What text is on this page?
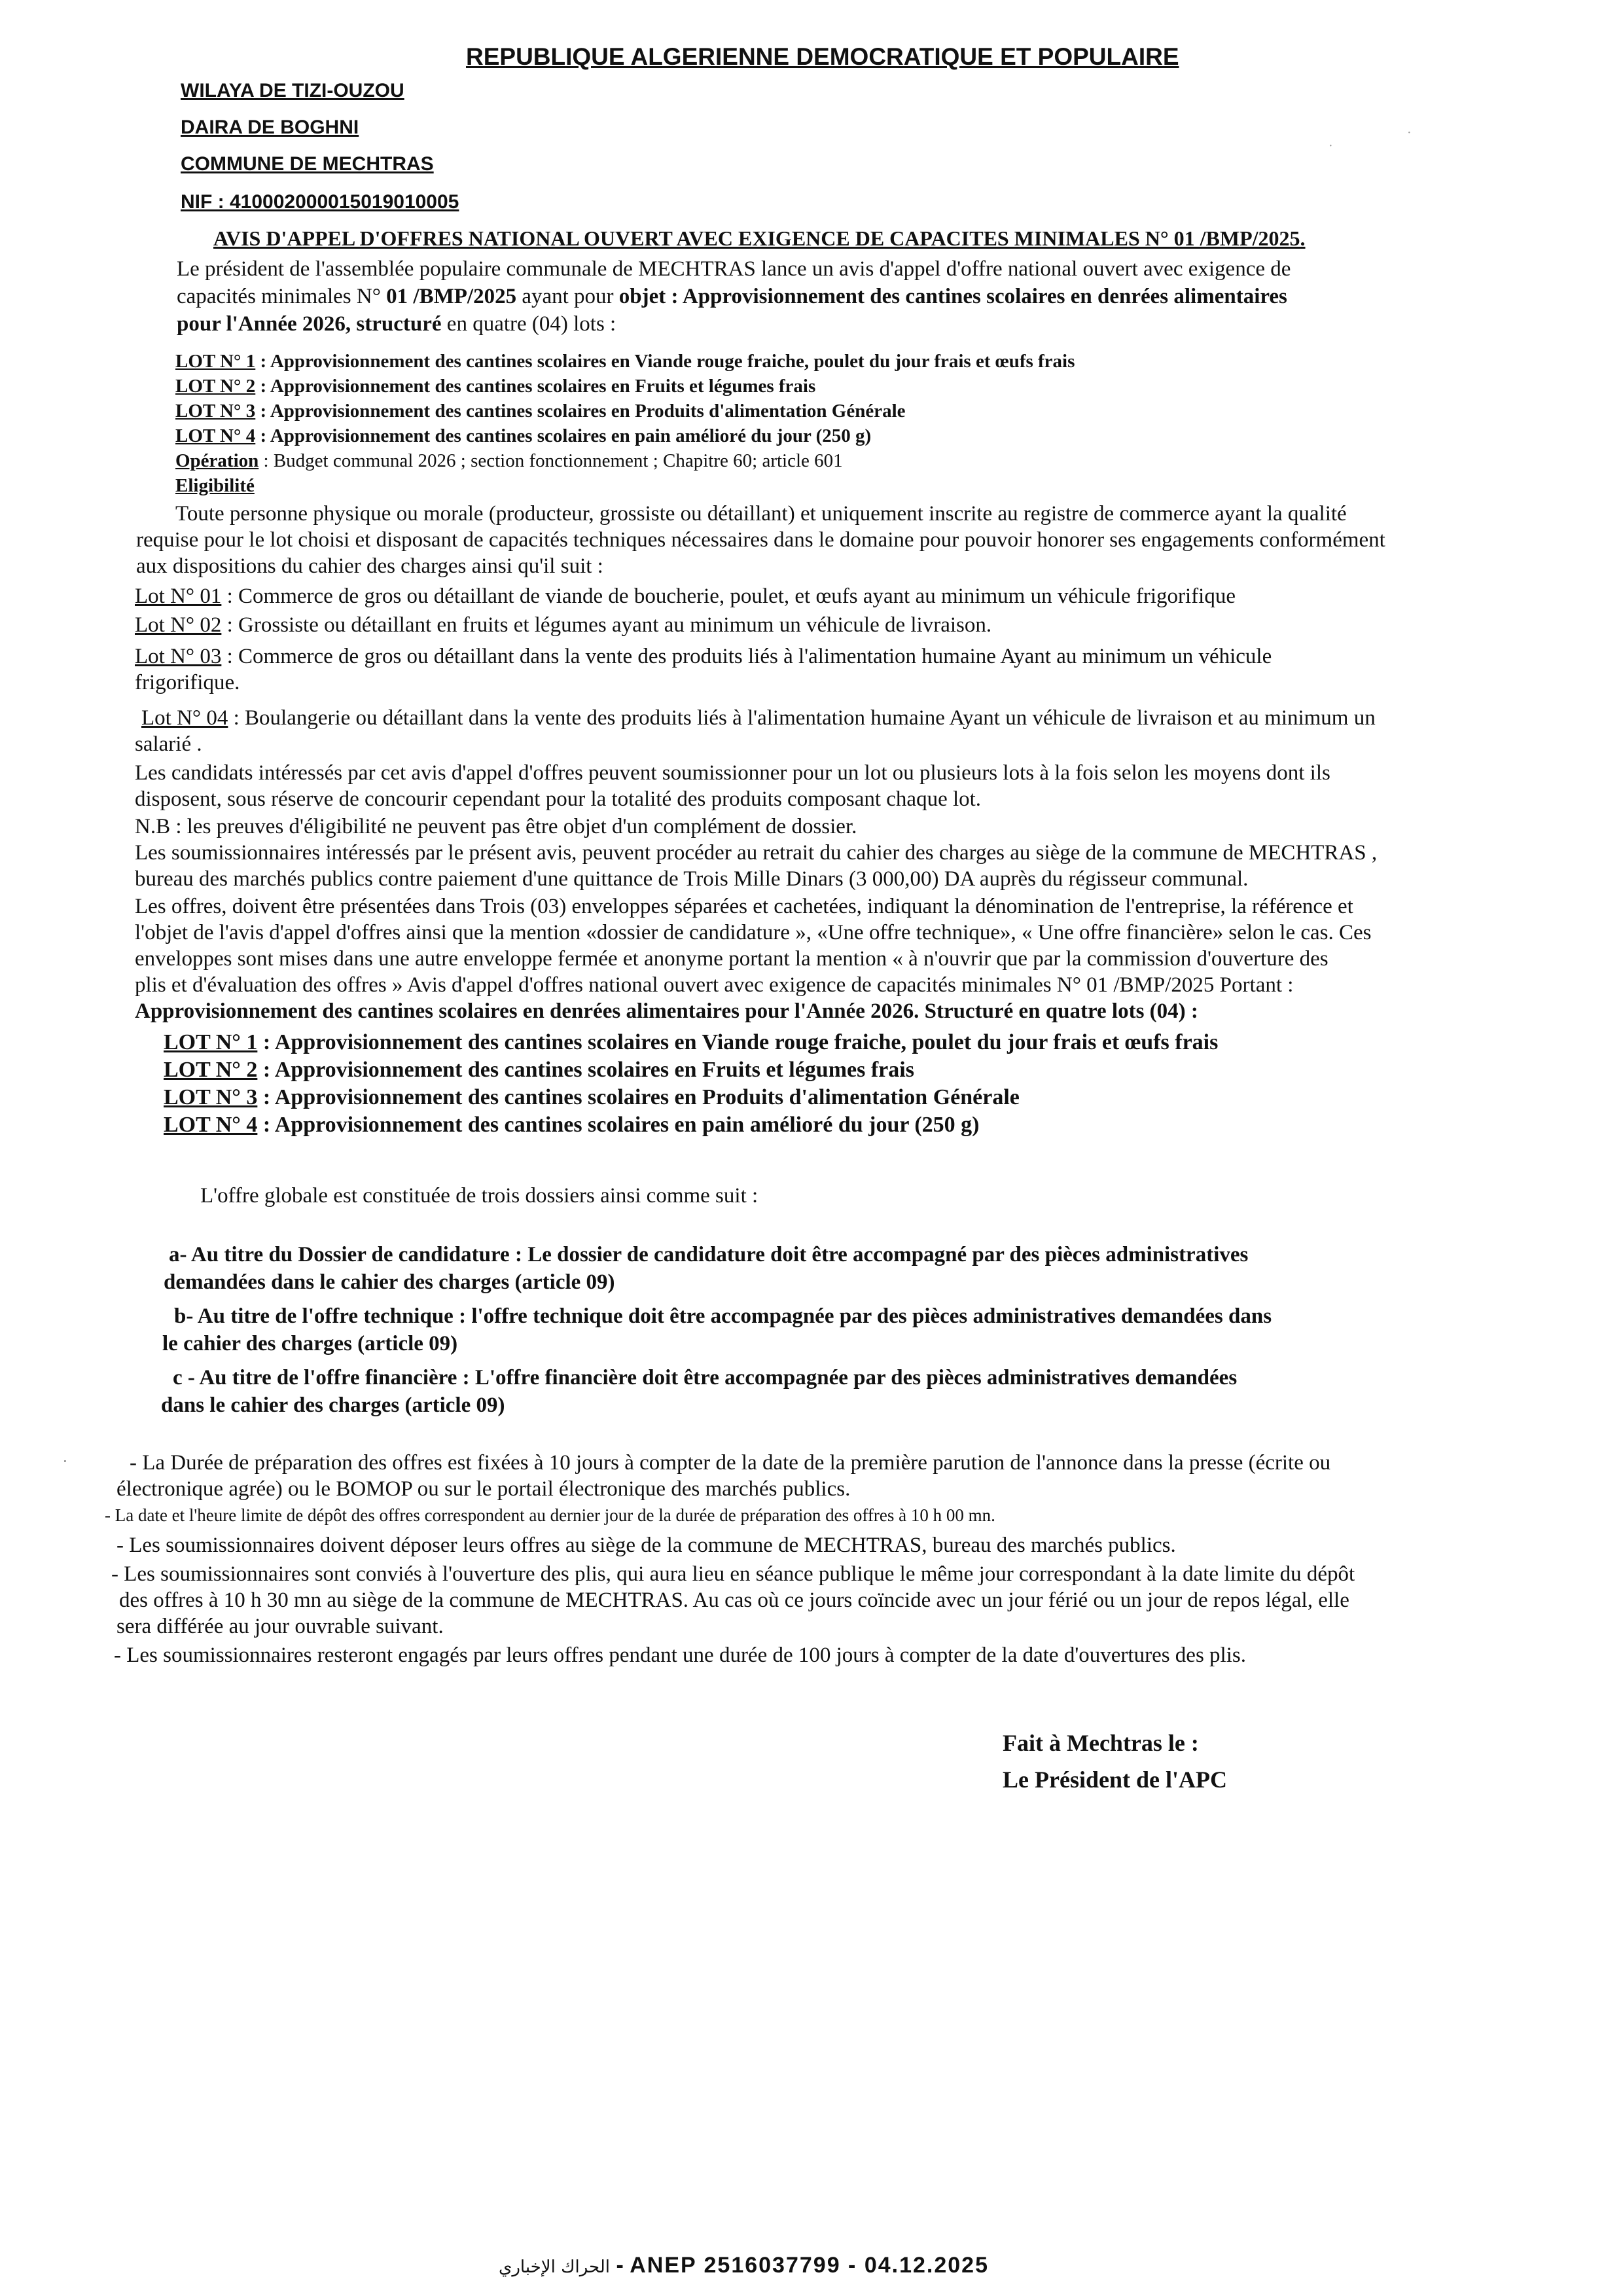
REPUBLIQUE ALGERIENNE DEMOCRATIQUE ET POPULAIRE
WILAYA DE TIZI-OUZOU
DAIRA DE BOGHNI
COMMUNE DE MECHTRAS
NIF : 410002000015019010005
·
·
AVIS D'APPEL D'OFFRES NATIONAL OUVERT AVEC EXIGENCE DE CAPACITES MINIMALES N° 01 /BMP/2025.
Le président de l'assemblée populaire communale de MECHTRAS lance un avis d'appel d'offre national ouvert avec exigence de
capacités minimales N° 01 /BMP/2025 ayant pour objet : Approvisionnement des cantines scolaires en denrées alimentaires
pour l'Année 2026, structuré en quatre (04) lots :
LOT N° 1 : Approvisionnement des cantines scolaires en Viande rouge fraiche, poulet du jour frais et œufs frais
LOT N° 2 : Approvisionnement des cantines scolaires en Fruits et légumes frais
LOT N° 3 : Approvisionnement des cantines scolaires en Produits d'alimentation Générale
LOT N° 4 : Approvisionnement des cantines scolaires en pain amélioré du jour (250 g)
Opération : Budget communal 2026 ; section fonctionnement ; Chapitre 60; article 601
Eligibilité
Toute personne physique ou morale (producteur, grossiste ou détaillant) et uniquement inscrite au registre de commerce ayant la qualité
requise pour le lot choisi et disposant de capacités techniques nécessaires dans le domaine pour pouvoir honorer ses engagements conformément
aux dispositions du cahier des charges ainsi qu'il suit :
Lot N° 01 : Commerce de gros ou détaillant de viande de boucherie, poulet, et œufs ayant au minimum un véhicule frigorifique
Lot N° 02 : Grossiste ou détaillant en fruits et légumes ayant au minimum un véhicule de livraison.
Lot N° 03 : Commerce de gros ou détaillant dans la vente des produits liés à l'alimentation humaine Ayant au minimum un véhicule
frigorifique.
Lot N° 04 : Boulangerie ou détaillant dans la vente des produits liés à l'alimentation humaine Ayant un véhicule de livraison et au minimum un
salarié .
Les candidats intéressés par cet avis d'appel d'offres peuvent soumissionner pour un lot ou plusieurs lots à la fois selon les moyens dont ils
disposent, sous réserve de concourir cependant pour la totalité des produits composant chaque lot.
N.B : les preuves d'éligibilité ne peuvent pas être objet d'un complément de dossier.
Les soumissionnaires intéressés par le présent avis, peuvent procéder au retrait du cahier des charges au siège de la commune de MECHTRAS ,
bureau des marchés publics contre paiement d'une quittance de Trois Mille Dinars (3 000,00) DA auprès du régisseur communal.
Les offres, doivent être présentées dans Trois (03) enveloppes séparées et cachetées, indiquant la dénomination de l'entreprise, la référence et
l'objet de l'avis d'appel d'offres ainsi que la mention «dossier de candidature », «Une offre technique», « Une offre financière» selon le cas. Ces
enveloppes sont mises dans une autre enveloppe fermée et anonyme portant la mention « à n'ouvrir que par la commission d'ouverture des
plis et d'évaluation des offres » Avis d'appel d'offres national ouvert avec exigence de capacités minimales N° 01 /BMP/2025 Portant :
Approvisionnement des cantines scolaires en denrées alimentaires pour l'Année 2026. Structuré en quatre lots (04) :
LOT N° 1 : Approvisionnement des cantines scolaires en Viande rouge fraiche, poulet du jour frais et œufs frais
LOT N° 2 : Approvisionnement des cantines scolaires en Fruits et légumes frais
LOT N° 3 : Approvisionnement des cantines scolaires en Produits d'alimentation Générale
LOT N° 4 : Approvisionnement des cantines scolaires en pain amélioré du jour (250 g)
L'offre globale est constituée de trois dossiers ainsi comme suit :
a- Au titre du Dossier de candidature : Le dossier de candidature doit être accompagné par des pièces administratives
demandées dans le cahier des charges (article 09)
b- Au titre de l'offre technique : l'offre technique doit être accompagnée par des pièces administratives demandées dans
le cahier des charges (article 09)
c - Au titre de l'offre financière : L'offre financière doit être accompagnée par des pièces administratives demandées
dans le cahier des charges (article 09)
·	- La Durée de préparation des offres est fixées à 10 jours à compter de la date de la première parution de l'annonce dans la presse (écrite ou
électronique agrée) ou le BOMOP ou sur le portail électronique des marchés publics.
- La date et l'heure limite de dépôt des offres correspondent au dernier jour de la durée de préparation des offres à 10 h 00 mn.
- Les soumissionnaires doivent déposer leurs offres au siège de la commune de MECHTRAS, bureau des marchés publics.
- Les soumissionnaires sont conviés à l'ouverture des plis, qui aura lieu en séance publique le même jour correspondant à la date limite du dépôt
des offres à 10 h 30 mn au siège de la commune de MECHTRAS. Au cas où ce jours coïncide avec un jour férié ou un jour de repos légal, elle
sera différée au jour ouvrable suivant.
- Les soumissionnaires resteront engagés par leurs offres pendant une durée de 100 jours à compter de la date d'ouvertures des plis.
Fait à Mechtras le :
Le Président de l'APC
الحراك الإخباري - ANEP 2516037799 - 04.12.2025
